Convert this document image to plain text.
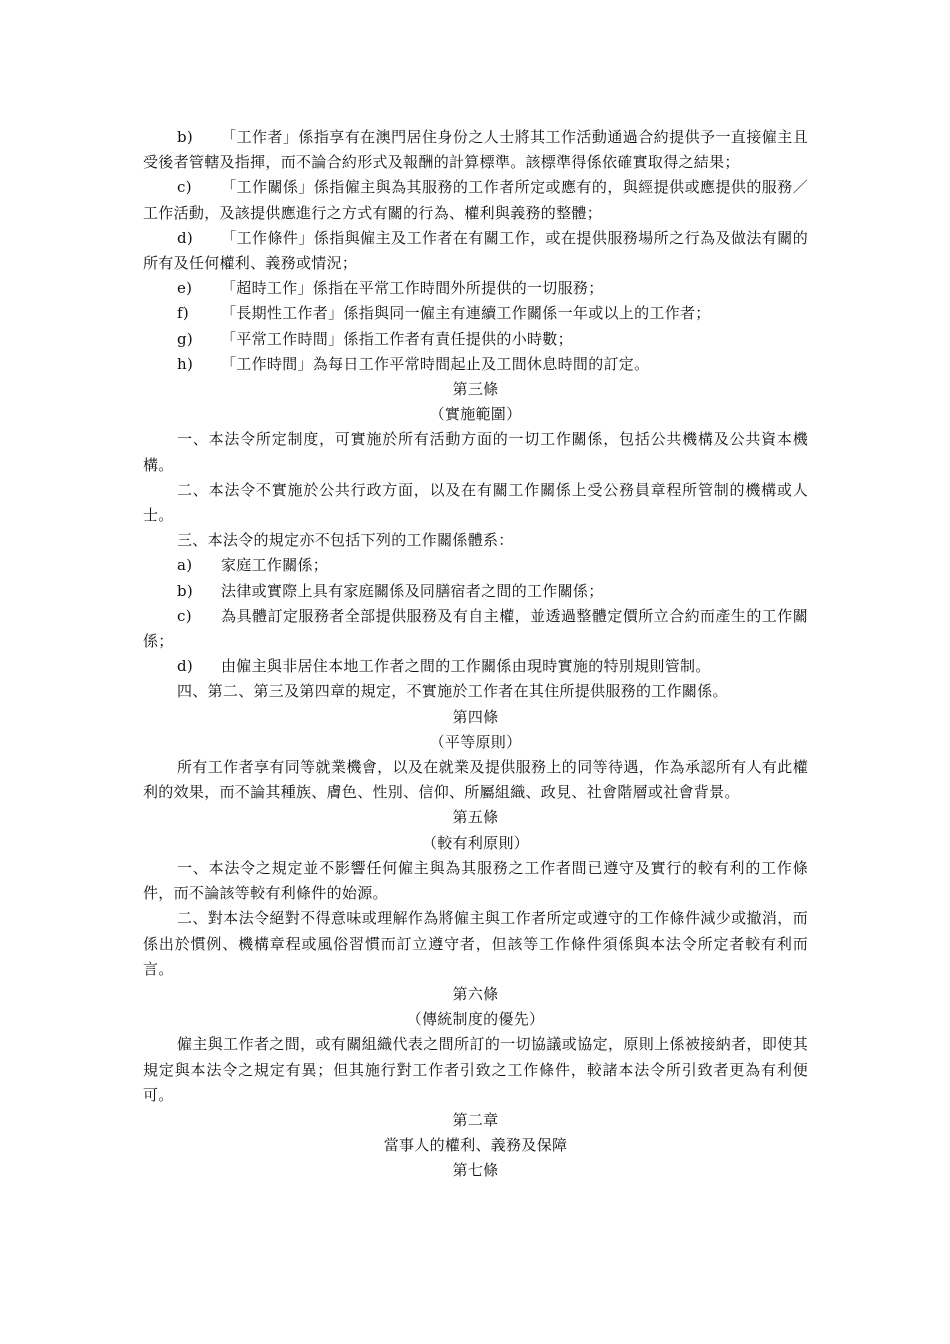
b) 「工作者」係指享有在澳門居住身份之人士將其工作活動通過合約提供予一直接僱主且受後者管轄及指揮，而不論合約形式及報酬的計算標準。該標準得係依確實取得之結果；

c) 「工作關係」係指僱主與為其服務的工作者所定或應有的，與經提供或應提供的服務／工作活動，及該提供應進行之方式有關的行為、權利與義務的整體；

d) 「工作條件」係指與僱主及工作者在有關工作，或在提供服務場所之行為及做法有關的所有及任何權利、義務或情況；

e) 「超時工作」係指在平常工作時間外所提供的一切服務；

f) 「長期性工作者」係指與同一僱主有連續工作關係一年或以上的工作者；

g) 「平常工作時間」係指工作者有責任提供的小時數；

h) 「工作時間」為每日工作平常時間起止及工間休息時間的訂定。

第三條

（實施範圍）

一、本法令所定制度，可實施於所有活動方面的一切工作關係，包括公共機構及公共資本機構。

二、本法令不實施於公共行政方面，以及在有關工作關係上受公務員章程所管制的機構或人士。

三、本法令的規定亦不包括下列的工作關係體系：

a) 家庭工作關係；

b) 法律或實際上具有家庭關係及同膳宿者之間的工作關係；

c) 為具體訂定服務者全部提供服務及有自主權，並透過整體定價所立合約而產生的工作關係；

d) 由僱主與非居住本地工作者之間的工作關係由現時實施的特別規則管制。

四、第二、第三及第四章的規定，不實施於工作者在其住所提供服務的工作關係。

第四條

（平等原則）

所有工作者享有同等就業機會，以及在就業及提供服務上的同等待遇，作為承認所有人有此權利的效果，而不論其種族、膚色、性別、信仰、所屬組織、政見、社會階層或社會背景。

第五條

（較有利原則）

一、本法令之規定並不影響任何僱主與為其服務之工作者間已遵守及實行的較有利的工作條件，而不論該等較有利條件的始源。

二、對本法令絕對不得意味或理解作為將僱主與工作者所定或遵守的工作條件減少或撤消，而係出於慣例、機構章程或風俗習慣而訂立遵守者，但該等工作條件須係與本法令所定者較有利而言。

第六條

（傳統制度的優先）

僱主與工作者之間，或有關組織代表之間所訂的一切協議或協定，原則上係被接納者，即使其規定與本法令之規定有異；但其施行對工作者引致之工作條件，較諸本法令所引致者更為有利便可。

第二章

當事人的權利、義務及保障

第七條
